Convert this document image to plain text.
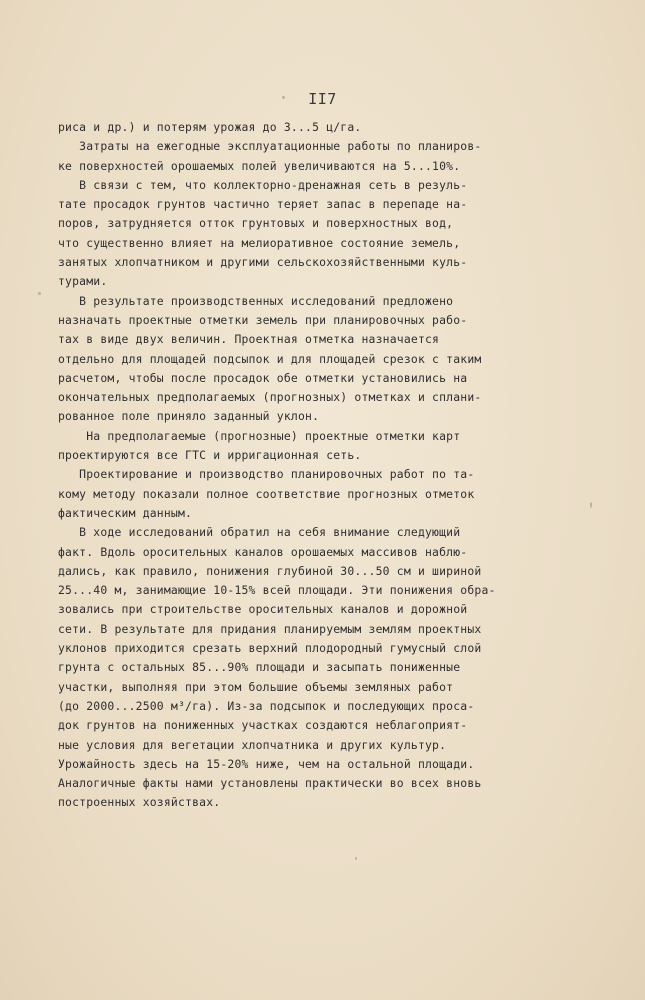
II7

риса и др.) и потерям урожая до 3...5 ц/га.

Затраты на ежегодные эксплуатационные работы по планиров-

ке поверхностей орошаемых полей увеличиваются на 5...10%.

В связи с тем, что коллекторно-дренажная сеть в резуль-

тате просадок грунтов частично теряет запас в перепаде на-

поров, затрудняется отток грунтовых и поверхностных вод,

что существенно влияет на мелиоративное состояние земель,

занятых хлопчатником и другими сельскохозяйственными куль-

турами.

В результате производственных исследований предложено

назначать проектные отметки земель при планировочных рабо-

тах в виде двух величин. Проектная отметка назначается

отдельно для площадей подсыпок и для площадей срезок с таким

расчетом, чтобы после просадок обе отметки установились на

окончательных предполагаемых (прогнозных) отметках и сплани-

рованное поле приняло заданный уклон.

На предполагаемые (прогнозные) проектные отметки карт

проектируются все ГТС и ирригационная сеть.

Проектирование и производство планировочных работ по та-

кому методу показали полное соответствие прогнозных отметок

фактическим данным.

В ходе исследований обратил на себя внимание следующий

факт. Вдоль оросительных каналов орошаемых массивов наблю-

дались, как правило, понижения глубиной 30...50 см и шириной

25...40 м, занимающие 10-15% всей площади. Эти понижения обра-

зовались при строительстве оросительных каналов и дорожной

сети. В результате для придания планируемым землям проектных

уклонов приходится срезать верхний плодородный гумусный слой

грунта с остальных 85...90% площади и засыпать пониженные

участки, выполняя при этом большие объемы земляных работ

(до 2000...2500 м³/га). Из-за подсыпок и последующих проса-

док грунтов на пониженных участках создаются неблагоприят-

ные условия для вегетации хлопчатника и других культур.

Урожайность здесь на 15-20% ниже, чем на остальной площади.

Аналогичные факты нами установлены практически во всех вновь

построенных хозяйствах.
